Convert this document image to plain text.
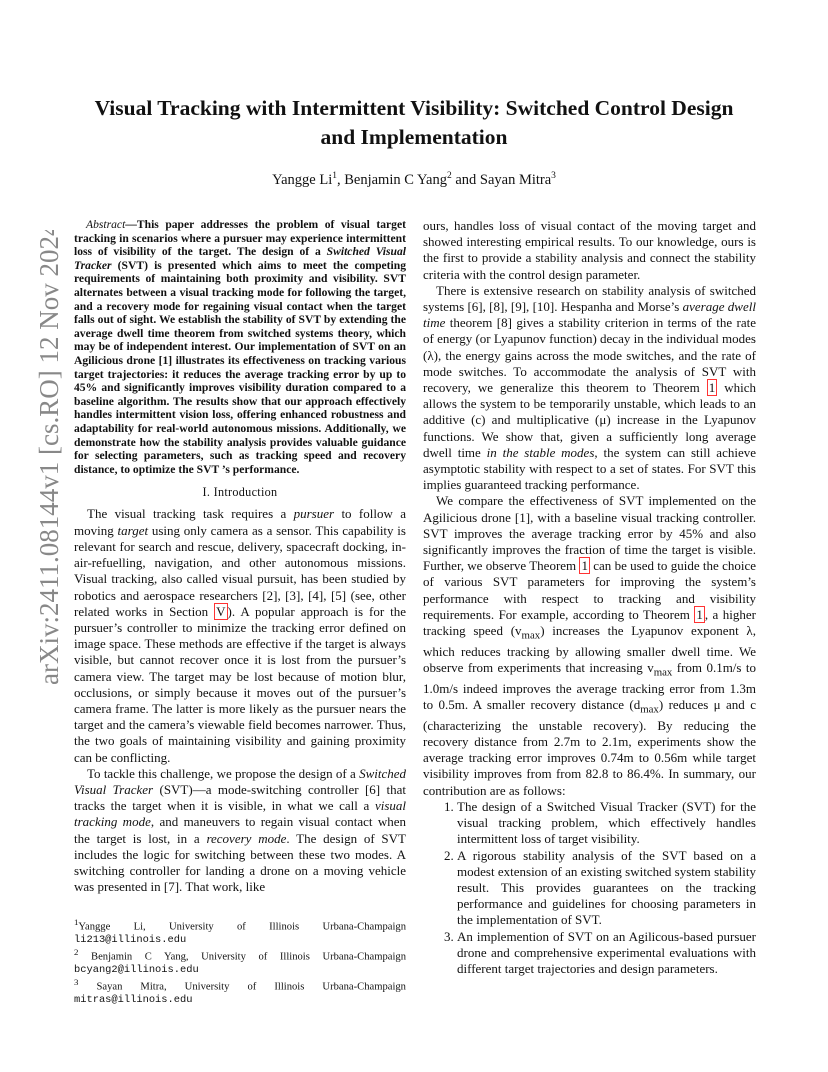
arXiv:2411.08144v1 [cs.RO] 12 Nov 2024
Visual Tracking with Intermittent Visibility: Switched Control Design
and Implementation
Yangge Li$^1$, Benjamin C Yang$^2$ and Sayan Mitra$^3$
Abstract—This paper addresses the problem of visual target tracking in scenarios where a pursuer may experience intermittent loss of visibility of the target. The design of a Switched Visual Tracker (SVT) is presented which aims to meet the competing requirements of maintaining both proximity and visibility. SVT alternates between a visual tracking mode for following the target, and a recovery mode for regaining visual contact when the target falls out of sight. We establish the stability of SVT by extending the average dwell time theorem from switched systems theory, which may be of independent interest. Our implementation of SVT on an Agilicious drone [1] illustrates its effectiveness on tracking various target trajectories: it reduces the average tracking error by up to 45% and significantly improves visibility duration compared to a baseline algorithm. The results show that our approach effectively handles intermittent vision loss, offering enhanced robustness and adaptability for real-world autonomous missions. Additionally, we demonstrate how the stability analysis provides valuable guidance for selecting parameters, such as tracking speed and recovery distance, to optimize the SVT ’s performance.
I. Introduction

The visual tracking task requires a pursuer to follow a moving target using only camera as a sensor. This capability is relevant for search and rescue, delivery, spacecraft docking, in-air-refuelling, navigation, and other autonomous missions. Visual tracking, also called visual pursuit, has been studied by robotics and aerospace researchers [2], [3], [4], [5] (see, other related works in Section V ). A popular approach is for the pursuer’s controller to minimize the tracking error defined on image space. These methods are effective if the target is always visible, but cannot recover once it is lost from the pursuer’s camera view. The target may be lost because of motion blur, occlusions, or simply because it moves out of the pursuer’s camera frame. The latter is more likely as the pursuer nears the target and the camera’s viewable field becomes narrower. Thus, the two goals of maintaining visibility and gaining proximity can be conflicting.

To tackle this challenge, we propose the design of a Switched Visual Tracker (SVT)—a mode-switching controller [6] that tracks the target when it is visible, in what we call a visual tracking mode, and maneuvers to regain visual contact when the target is lost, in a recovery mode. The design of SVT includes the logic for switching between these two modes. A switching controller for landing a drone on a moving vehicle was presented in [7]. That work, like

$^1$Yangge Li, University of Illinois Urbana-Champaign
li213@illinois.edu
$^2$ Benjamin C Yang, University of Illinois Urbana-Champaign
bcyang2@illinois.edu
$^3$ Sayan Mitra, University of Illinois Urbana-Champaign
mitras@illinois.edu

ours, handles loss of visual contact of the moving target and showed interesting empirical results. To our knowledge, ours is the first to provide a stability analysis and connect the stability criteria with the control design parameter.

There is extensive research on stability analysis of switched systems [6], [8], [9], [10]. Hespanha and Morse’s average dwell time theorem [8] gives a stability criterion in terms of the rate of energy (or Lyapunov function) decay in the individual modes (λ), the energy gains across the mode switches, and the rate of mode switches. To accommodate the analysis of SVT with recovery, we generalize this theorem to Theorem 1 which allows the system to be temporarily unstable, which leads to an additive (c) and multiplicative (μ) increase in the Lyapunov functions. We show that, given a sufficiently long average dwell time in the stable modes, the system can still achieve asymptotic stability with respect to a set of states. For SVT this implies guaranteed tracking performance.

We compare the effectiveness of SVT implemented on the Agilicious drone [1], with a baseline visual tracking controller. SVT improves the average tracking error by 45% and also significantly improves the fraction of time the target is visible. Further, we observe Theorem 1 can be used to guide the choice of various SVT parameters for improving the system’s performance with respect to tracking and visibility requirements. For example, according to Theorem 1 , a higher tracking speed $(v_{max})$ increases the Lyapunov exponent λ, which reduces tracking by allowing smaller dwell time. We observe from experiments that increasing $v_{max}$ from 0.1m/s to 1.0m/s indeed improves the average tracking error from 1.3m to 0.5m. A smaller recovery distance $(d_{max})$ reduces μ and c (characterizing the unstable recovery). By reducing the recovery distance from 2.7m to 2.1m, experiments show the average tracking error improves 0.74m to 0.56m while target visibility improves from from 82.8 to 86.4%. In summary, our contribution are as follows:

1. The design of a Switched Visual Tracker (SVT) for the visual tracking problem, which effectively handles intermittent loss of target visibility.
2. A rigorous stability analysis of the SVT based on a modest extension of an existing switched system stability result. This provides guarantees on the tracking performance and guidelines for choosing parameters in the implementation of SVT.
3. An implemention of SVT on an Agilicous-based pursuer drone and comprehensive experimental evaluations with different target trajectories and design parameters.
